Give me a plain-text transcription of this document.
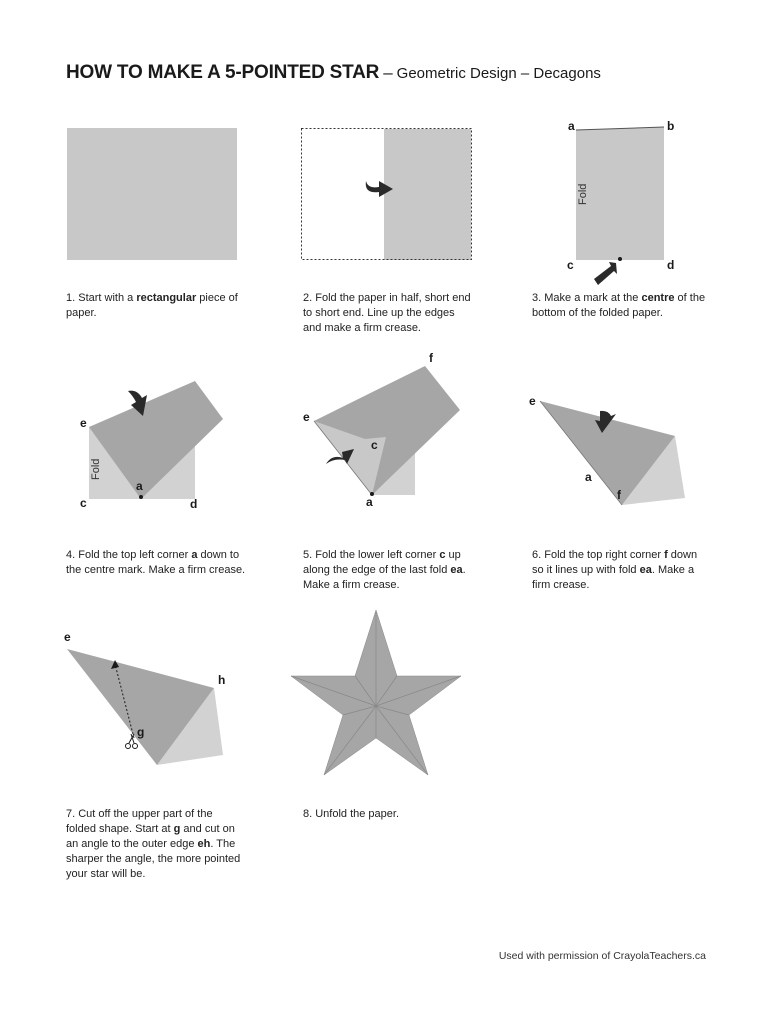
HOW TO MAKE A 5-POINTED STAR – Geometric Design – Decagons
a	b
c	d
Fold
e
a
c	d
Fold
e
f
c
a
e
a
f
e
h
g
1. Start with a rectangular piece of paper.
2. Fold the paper in half, short end to short end. Line up the edges and make a firm crease.
3. Make a mark at the centre of the bottom of the folded paper.
4. Fold the top left corner a down to the centre mark. Make a firm crease.
5. Fold the lower left corner c up along the edge of the last fold ea. Make a firm crease.
6. Fold the top right corner f down so it lines up with fold ea. Make a firm crease.
7. Cut off the upper part of the folded shape. Start at g and cut on an angle to the outer edge eh. The sharper the angle, the more pointed your star will be.
8. Unfold the paper.
Used with permission of CrayolaTeachers.ca
